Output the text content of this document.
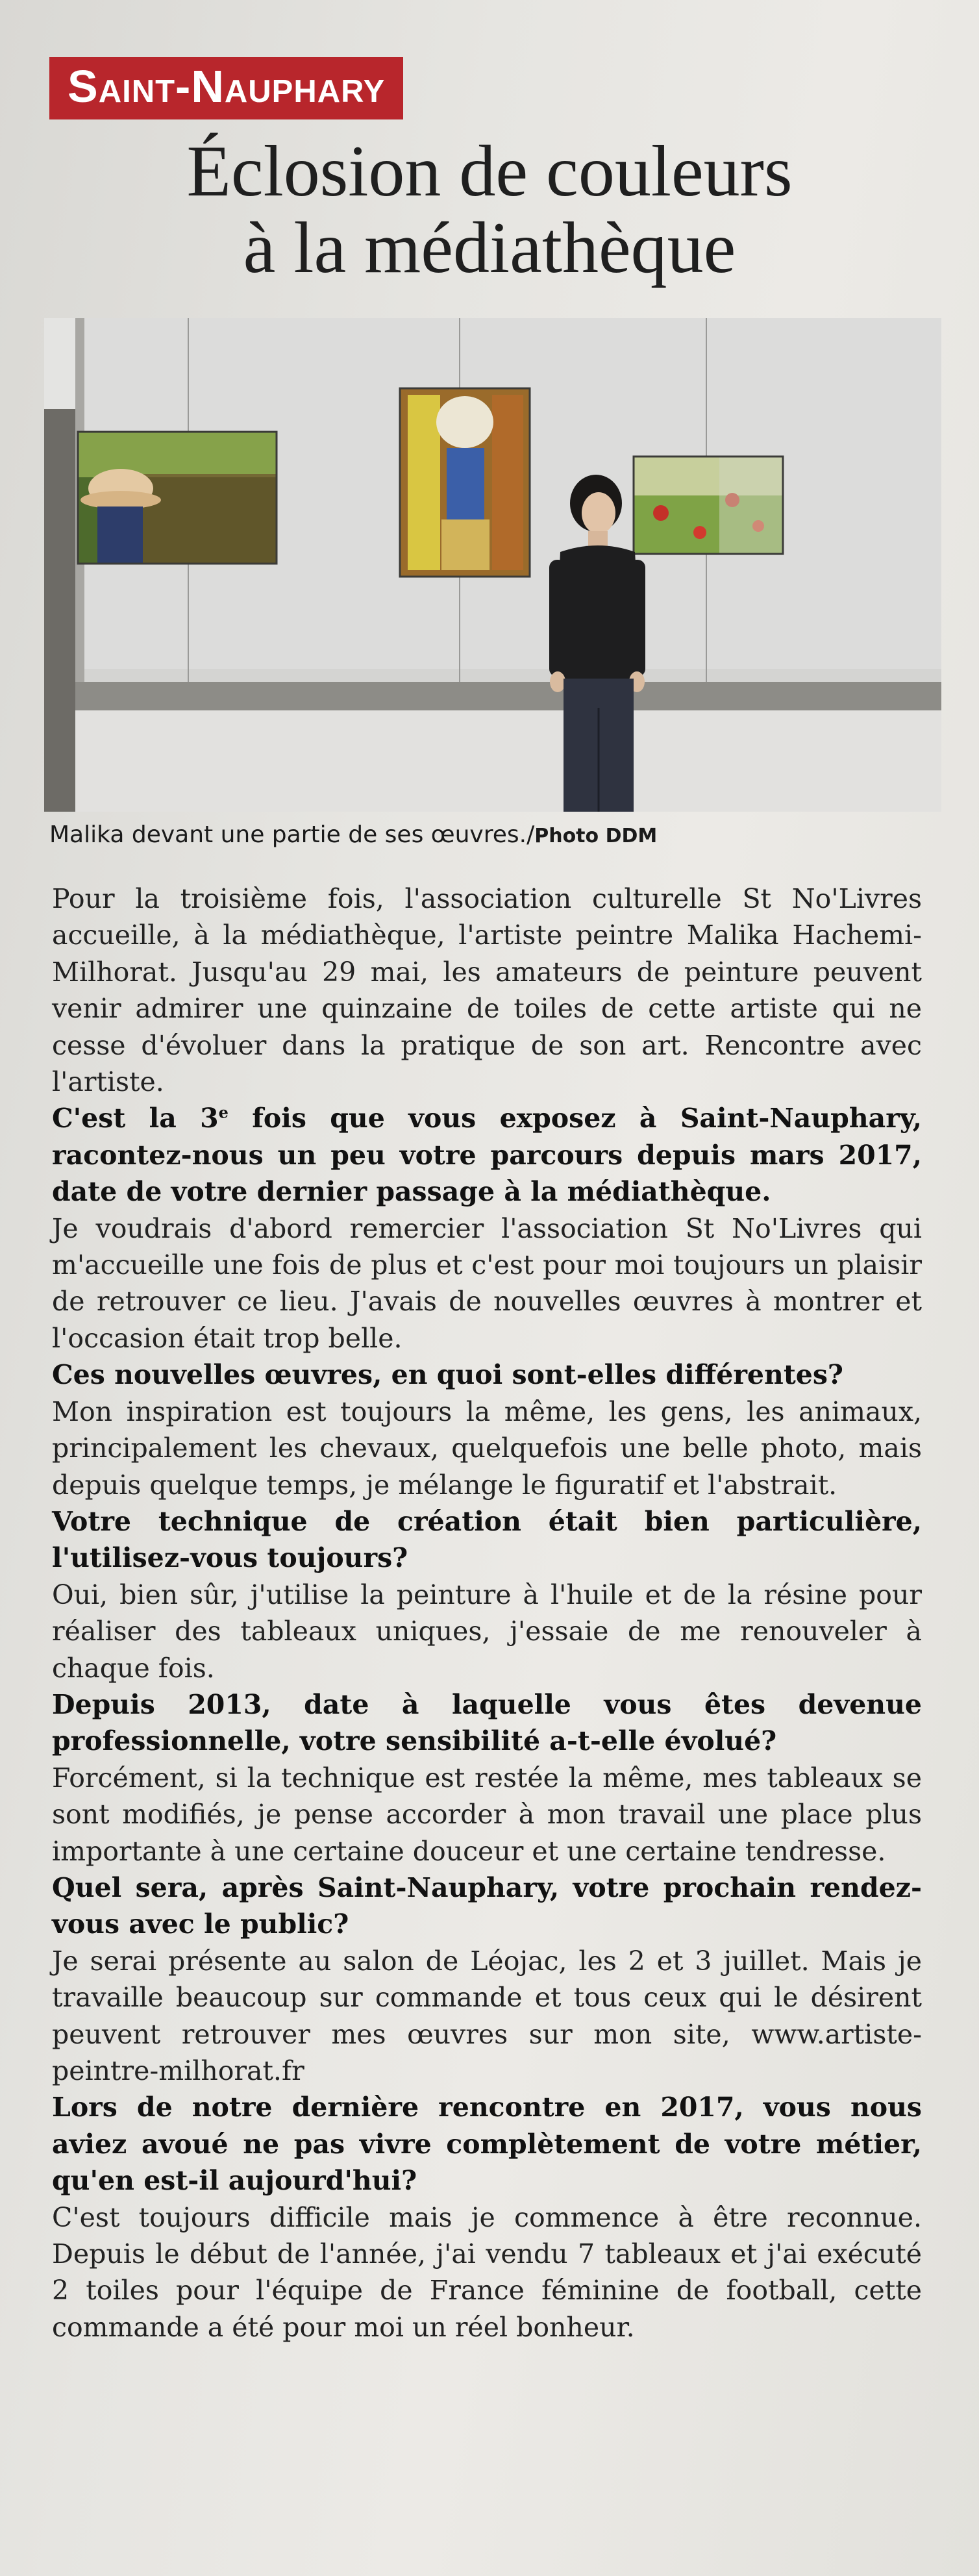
Saint-Nauphary
Éclosion de couleurs
à la médiathèque
Malika devant une partie de ses œuvres./Photo DDM

Pour la troisième fois, l'association culturelle St No'Livres accueille, à la médiathèque, l'artiste peintre Malika Hachemi-Milhorat. Jusqu'au 29 mai, les amateurs de peinture peuvent venir admirer une quinzaine de toiles de cette artiste qui ne cesse d'évoluer dans la pratique de son art. Rencontre avec l'artiste.

C'est la 3e fois que vous exposez à Saint-Nauphary, racontez-nous un peu votre parcours depuis mars 2017, date de votre dernier passage à la médiathèque.

Je voudrais d'abord remercier l'association St No'Livres qui m'accueille une fois de plus et c'est pour moi toujours un plaisir de retrouver ce lieu. J'avais de nouvelles œuvres à montrer et l'occasion était trop belle.

Ces nouvelles œuvres, en quoi sont-elles différentes?

Mon inspiration est toujours la même, les gens, les animaux, principalement les chevaux, quelquefois une belle photo, mais depuis quelque temps, je mélange le figuratif et l'abstrait.

Votre technique de création était bien particulière, l'utilisez-vous toujours?

Oui, bien sûr, j'utilise la peinture à l'huile et de la résine pour réaliser des tableaux uniques, j'essaie de me renouveler à chaque fois.

Depuis 2013, date à laquelle vous êtes devenue professionnelle, votre sensibilité a-t-elle évolué?

Forcément, si la technique est restée la même, mes tableaux se sont modifiés, je pense accorder à mon travail une place plus importante à une certaine douceur et une certaine tendresse.

Quel sera, après Saint-Nauphary, votre prochain rendez-vous avec le public?

Je serai présente au salon de Léojac, les 2 et 3 juillet. Mais je travaille beaucoup sur commande et tous ceux qui le désirent peuvent retrouver mes œuvres sur mon site, www.artiste-peintre-milhorat.fr

Lors de notre dernière rencontre en 2017, vous nous aviez avoué ne pas vivre complètement de votre métier, qu'en est-il aujourd'hui?

C'est toujours difficile mais je commence à être reconnue. Depuis le début de l'année, j'ai vendu 7 tableaux et j'ai exécuté 2 toiles pour l'équipe de France féminine de football, cette commande a été pour moi un réel bonheur.
